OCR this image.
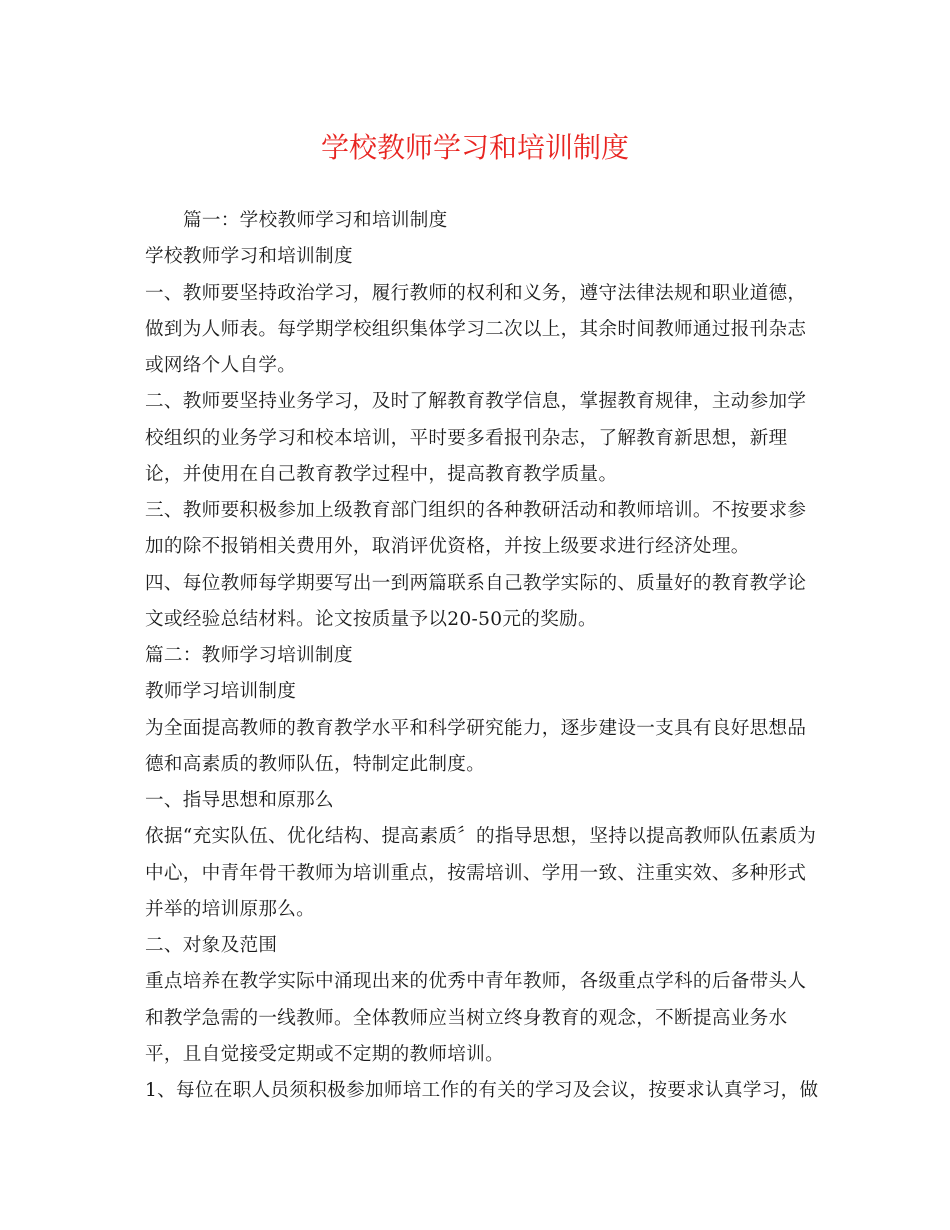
学校教师学习和培训制度
篇一：学校教师学习和培训制度
学校教师学习和培训制度
一、教师要坚持政治学习，履行教师的权利和义务，遵守法律法规和职业道德，
做到为人师表。每学期学校组织集体学习二次以上，其余时间教师通过报刊杂志
或网络个人自学。
二、教师要坚持业务学习，及时了解教育教学信息，掌握教育规律，主动参加学
校组织的业务学习和校本培训，平时要多看报刊杂志，了解教育新思想，新理
论，并使用在自己教育教学过程中，提高教育教学质量。
三、教师要积极参加上级教育部门组织的各种教研活动和教师培训。不按要求参
加的除不报销相关费用外，取消评优资格，并按上级要求进行经济处理。
四、每位教师每学期要写出一到两篇联系自己教学实际的、质量好的教育教学论
文或经验总结材料。论文按质量予以20-50元的奖励。
篇二：教师学习培训制度
教师学习培训制度
为全面提高教师的教育教学水平和科学研究能力，逐步建设一支具有良好思想品
德和高素质的教师队伍，特制定此制度。
一、指导思想和原那么
依据“充实队伍、优化结构、提高素质〞的指导思想，坚持以提高教师队伍素质为
中心，中青年骨干教师为培训重点，按需培训、学用一致、注重实效、多种形式
并举的培训原那么。
二、对象及范围
重点培养在教学实际中涌现出来的优秀中青年教师，各级重点学科的后备带头人
和教学急需的一线教师。全体教师应当树立终身教育的观念，不断提高业务水
平，且自觉接受定期或不定期的教师培训。
1、每位在职人员须积极参加师培工作的有关的学习及会议，按要求认真学习，做
